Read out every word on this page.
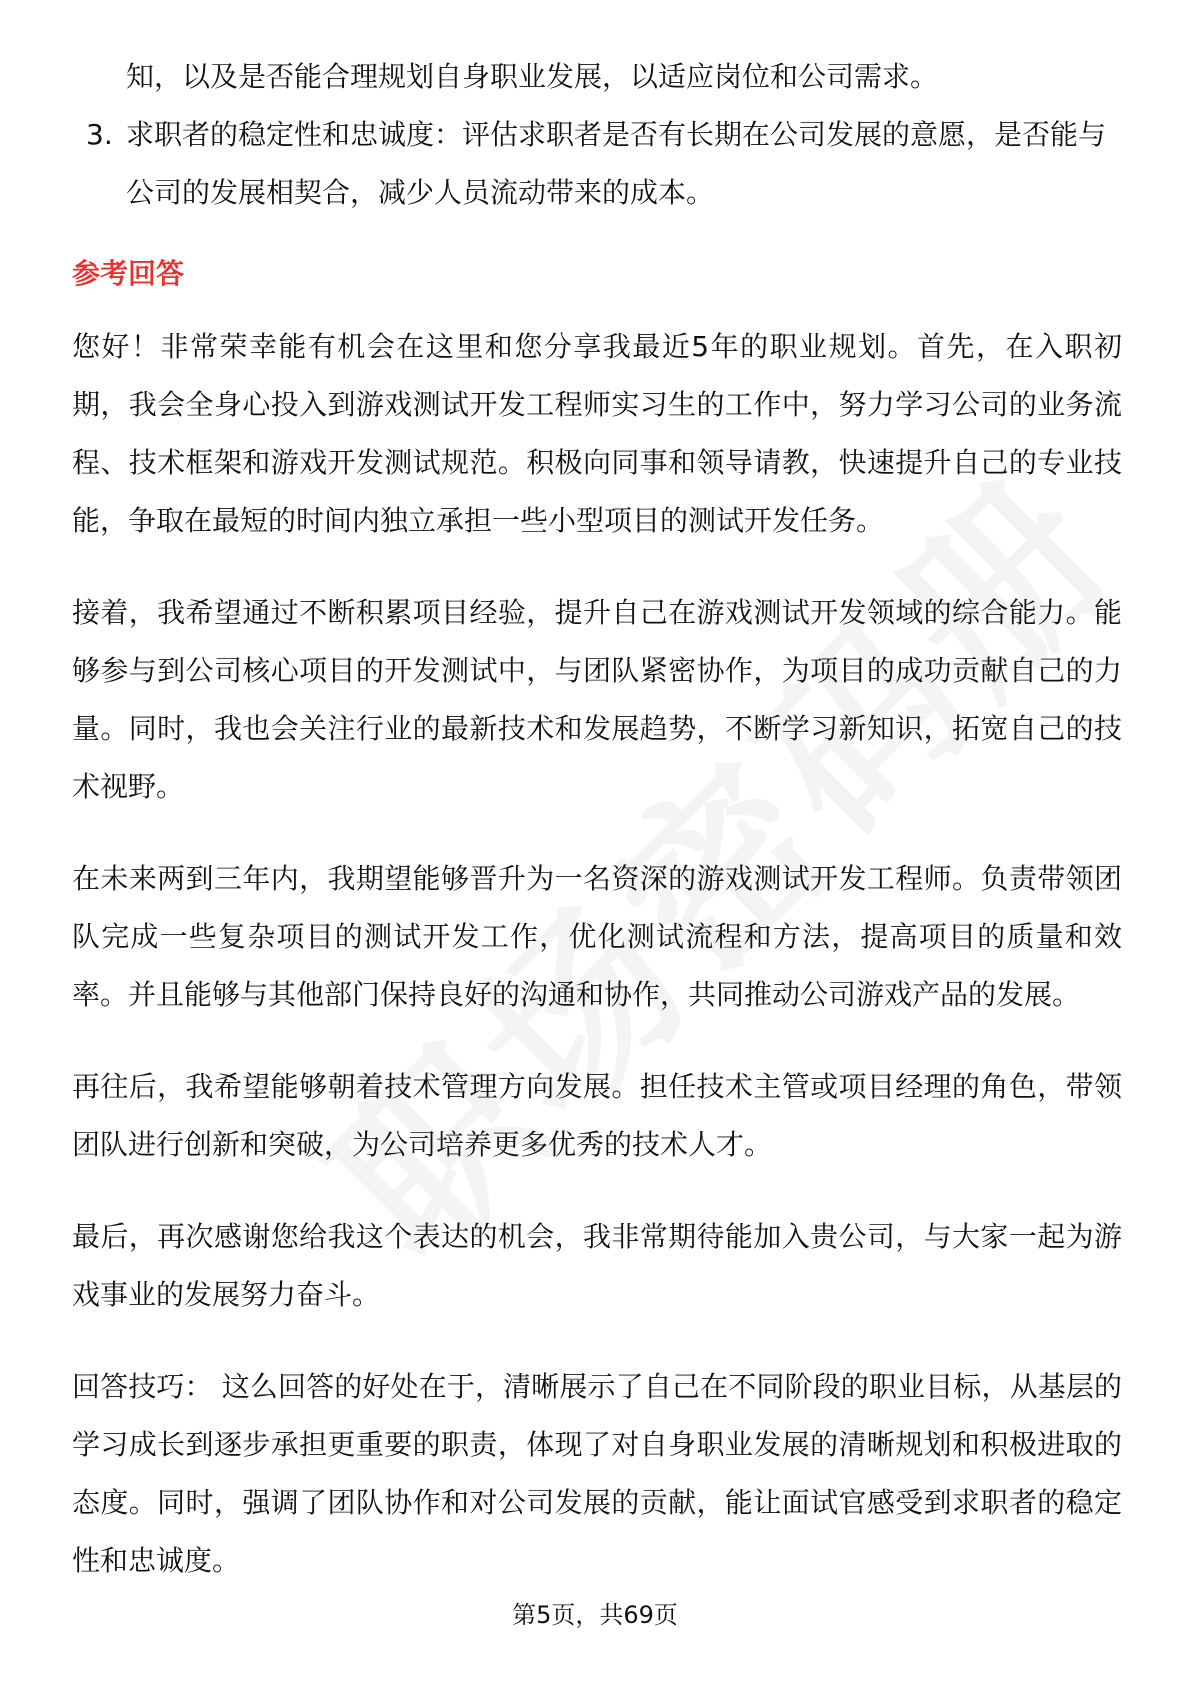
知，以及是否能合理规划自身职业发展，以适应岗位和公司需求。
3. 求职者的稳定性和忠诚度：评估求职者是否有长期在公司发展的意愿，是否能与公司的发展相契合，减少人员流动带来的成本。
参考回答

您好！非常荣幸能有机会在这里和您分享我最近5年的职业规划。首先，在入职初期，我会全身心投入到游戏测试开发工程师实习生的工作中，努力学习公司的业务流程、技术框架和游戏开发测试规范。积极向同事和领导请教，快速提升自己的专业技能，争取在最短的时间内独立承担一些小型项目的测试开发任务。

接着，我希望通过不断积累项目经验，提升自己在游戏测试开发领域的综合能力。能够参与到公司核心项目的开发测试中，与团队紧密协作，为项目的成功贡献自己的力量。同时，我也会关注行业的最新技术和发展趋势，不断学习新知识，拓宽自己的技术视野。

在未来两到三年内，我期望能够晋升为一名资深的游戏测试开发工程师。负责带领团队完成一些复杂项目的测试开发工作，优化测试流程和方法，提高项目的质量和效率。并且能够与其他部门保持良好的沟通和协作，共同推动公司游戏产品的发展。

再往后，我希望能够朝着技术管理方向发展。担任技术主管或项目经理的角色，带领团队进行创新和突破，为公司培养更多优秀的技术人才。

最后，再次感谢您给我这个表达的机会，我非常期待能加入贵公司，与大家一起为游戏事业的发展努力奋斗。

回答技巧： 这么回答的好处在于，清晰展示了自己在不同阶段的职业目标，从基层的学习成长到逐步承担更重要的职责，体现了对自身职业发展的清晰规划和积极进取的态度。同时，强调了团队协作和对公司发展的贡献，能让面试官感受到求职者的稳定性和忠诚度。

第5页，共69页
